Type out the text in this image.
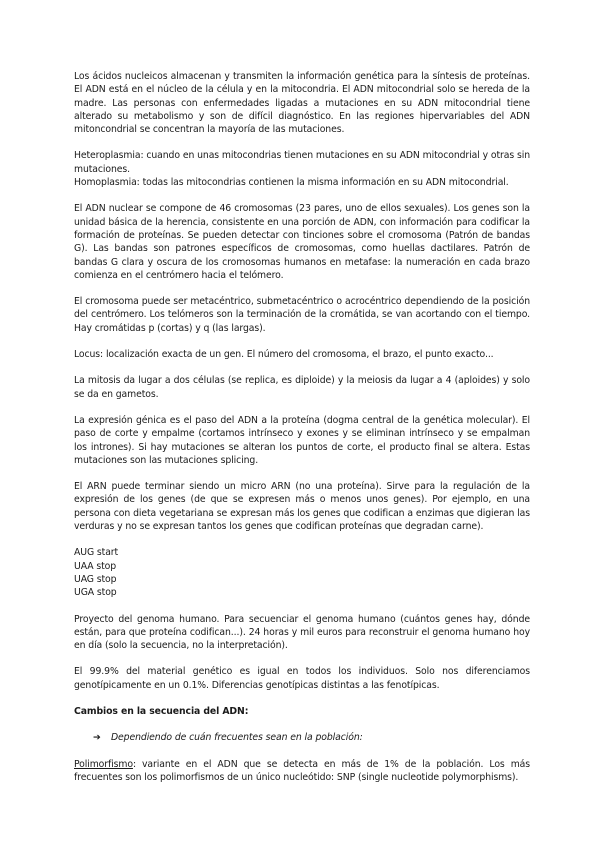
Los ácidos nucleicos almacenan y transmiten la información genética para la síntesis de proteínas. El ADN está en el núcleo de la célula y en la mitocondria. El ADN mitocondrial solo se hereda de la madre. Las personas con enfermedades ligadas a mutaciones en su ADN mitocondrial tiene alterado su metabolismo y son de difícil diagnóstico. En las regiones hipervariables del ADN mitoncondrial se concentran la mayoría de las mutaciones.

Heteroplasmia: cuando en unas mitocondrias tienen mutaciones en su ADN mitocondrial y otras sin mutaciones.

Homoplasmia: todas las mitocondrias contienen la misma información en su ADN mitocondrial.

El ADN nuclear se compone de 46 cromosomas (23 pares, uno de ellos sexuales). Los genes son la unidad básica de la herencia, consistente en una porción de ADN, con información para codificar la formación de proteínas. Se pueden detectar con tinciones sobre el cromosoma (Patrón de bandas G). Las bandas son patrones específicos de cromosomas, como huellas dactilares. Patrón de bandas G clara y oscura de los cromosomas humanos en metafase: la numeración en cada brazo comienza en el centrómero hacia el telómero.

El cromosoma puede ser metacéntrico, submetacéntrico o acrocéntrico dependiendo de la posición del centrómero. Los telómeros son la terminación de la cromátida, se van acortando con el tiempo. Hay cromátidas p (cortas) y q (las largas).

Locus: localización exacta de un gen. El número del cromosoma, el brazo, el punto exacto...

La mitosis da lugar a dos células (se replica, es diploide) y la meiosis da lugar a 4 (aploides) y solo se da en gametos.

La expresión génica es el paso del ADN a la proteína (dogma central de la genética molecular). El paso de corte y empalme (cortamos intrínseco y exones y se eliminan intrínseco y se empalman los intrones). Si hay mutaciones se alteran los puntos de corte, el producto final se altera. Estas mutaciones son las mutaciones splicing.

El ARN puede terminar siendo un micro ARN (no una proteína). Sirve para la regulación de la expresión de los genes (de que se expresen más o menos unos genes). Por ejemplo, en una persona con dieta vegetariana se expresan más los genes que codifican a enzimas que digieran las verduras y no se expresan tantos los genes que codifican proteínas que degradan carne).

AUG start
UAA stop
UAG stop
UGA stop

Proyecto del genoma humano. Para secuenciar el genoma humano (cuántos genes hay, dónde están, para que proteína codifican...). 24 horas y mil euros para reconstruir el genoma humano hoy en día (solo la secuencia, no la interpretación).

El 99.9% del material genético es igual en todos los individuos. Solo nos diferenciamos genotípicamente en un 0.1%. Diferencias genotípicas distintas a las fenotípicas.

Cambios en la secuencia del ADN:
➔	Dependiendo de cuán frecuentes sean en la población:

Polimorfismo: variante en el ADN que se detecta en más de 1% de la población. Los más frecuentes son los polimorfismos de un único nucleótido: SNP (single nucleotide polymorphisms).
